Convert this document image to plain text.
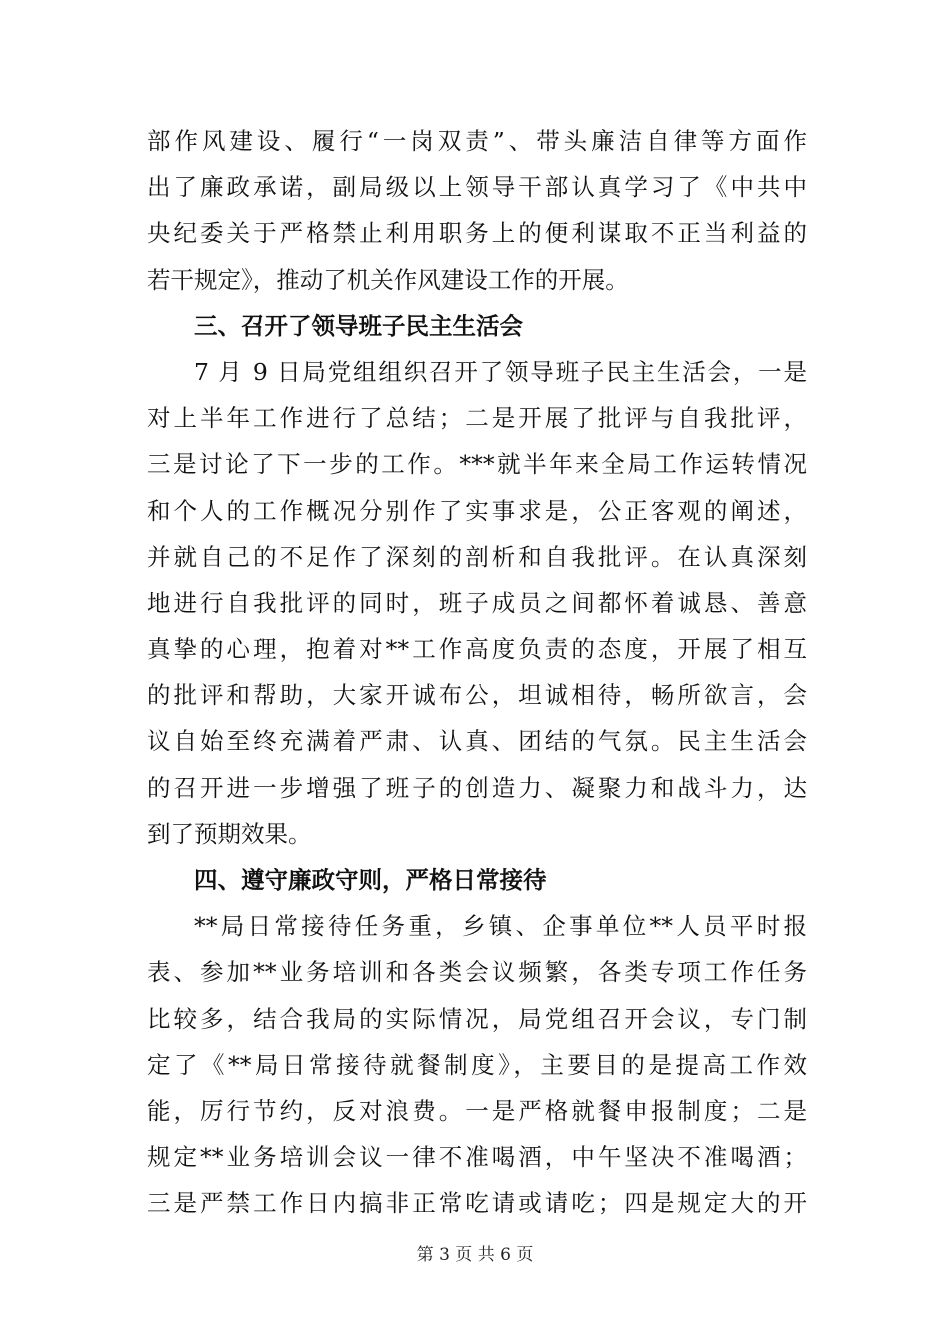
部作风建设、履行“一岗双责”、带头廉洁自律等方面作
出了廉政承诺，副局级以上领导干部认真学习了《中共中
央纪委关于严格禁止利用职务上的便利谋取不正当利益的
若干规定》，推动了机关作风建设工作的开展。
三、召开了领导班子民主生活会
7 月 9 日局党组组织召开了领导班子民主生活会，一是
对上半年工作进行了总结；二是开展了批评与自我批评，
三是讨论了下一步的工作。***就半年来全局工作运转情况
和个人的工作概况分别作了实事求是，公正客观的阐述，
并就自己的不足作了深刻的剖析和自我批评。在认真深刻
地进行自我批评的同时，班子成员之间都怀着诚恳、善意
真挚的心理，抱着对**工作高度负责的态度，开展了相互
的批评和帮助，大家开诚布公，坦诚相待，畅所欲言，会
议自始至终充满着严肃、认真、团结的气氛。民主生活会
的召开进一步增强了班子的创造力、凝聚力和战斗力，达
到了预期效果。
四、遵守廉政守则，严格日常接待
**局日常接待任务重，乡镇、企事单位**人员平时报
表、参加**业务培训和各类会议频繁，各类专项工作任务
比较多，结合我局的实际情况，局党组召开会议，专门制
定了《**局日常接待就餐制度》，主要目的是提高工作效
能，厉行节约，反对浪费。一是严格就餐申报制度；二是
规定**业务培训会议一律不准喝酒，中午坚决不准喝酒；
三是严禁工作日内搞非正常吃请或请吃；四是规定大的开
第 3 页 共 6 页
